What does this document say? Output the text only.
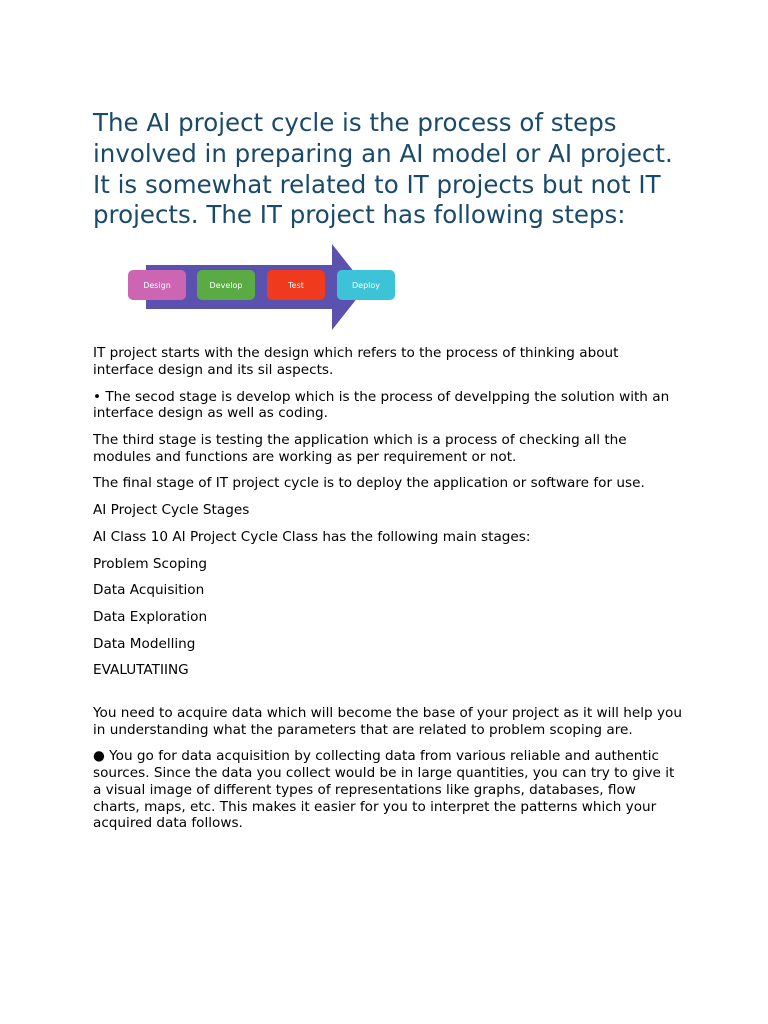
The AI project cycle is the process of steps involved in preparing an AI model or AI project. It is somewhat related to IT projects but not IT projects. The IT project has following steps:
Design	Develop	Test	Deploy

IT project starts with the design which refers to the process of thinking about interface design and its sil aspects.

• The secod stage is develop which is the process of develpping the solution with an interface design as well as coding.

The third stage is testing the application which is a process of checking all the modules and functions are working as per requirement or not.

The final stage of IT project cycle is to deploy the application or software for use.

AI Project Cycle Stages

AI Class 10 AI Project Cycle Class has the following main stages:

Problem Scoping

Data Acquisition

Data Exploration

Data Modelling

EVALUTATIING

You need to acquire data which will become the base of your project as it will help you in understanding what the parameters that are related to problem scoping are.

● You go for data acquisition by collecting data from various reliable and authentic sources. Since the data you collect would be in large quantities, you can try to give it a visual image of different types of representations like graphs, databases, flow charts, maps, etc. This makes it easier for you to interpret the patterns which your acquired data follows.
